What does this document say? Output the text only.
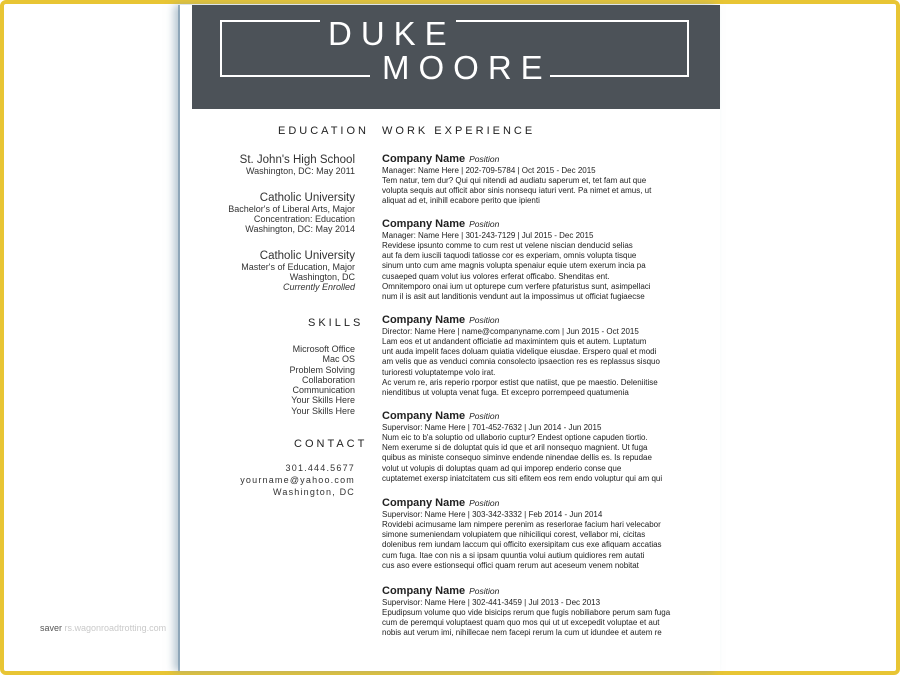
DUKE
MOORE
EDUCATION
St. John's High School
Washington, DC: May 2011
Catholic University
Bachelor's of Liberal Arts, Major
Concentration: Education
Washington, DC: May 2014
Catholic University
Master's of Education, Major
Washington, DC
Currently Enrolled
SKILLS
Microsoft Office
Mac OS
Problem Solving
Collaboration
Communication
Your Skills Here
Your Skills Here
CONTACT
301.444.5677
yourname@yahoo.com
Washington, DC
WORK EXPERIENCE
Company Name Position
Manager: Name Here | 202-709-5784 | Oct 2015 - Dec 2015
Tem natur, tem dur? Qui qui nitendi ad audiatu saperum et, tet fam aut que
volupta sequis aut officit abor sinis nonsequ iaturi vent. Pa nimet et amus, ut
aliquat ad et, inihill ecabore perito que ipienti
Company Name Position
Manager: Name Here | 301-243-7129 | Jul 2015 - Dec 2015
Revidese ipsunto comme to cum rest ut velene niscian denducid selias
aut fa dem iuscili taquodi tatiosse cor es experiam, omnis volupta tisque
sinum unto cum ame magnis volupta spenaiur equie utem exerum incia pa
cusaeped quam volut ius volores erferat officabo. Shenditas ent.
Omnitemporo onai ium ut opturepe cum verfere pfaturistus sunt, asimpellaci
num il is asit aut landitionis vendunt aut la impossimus ut officiat fugiaecse
Company Name Position
Director: Name Here | name@companyname.com | Jun 2015 - Oct 2015
Lam eos et ut andandent officiatie ad maximintem quis et autem. Luptatum
unt auda impelit faces doluam quiatia videlique eiusdae. Erspero qual et modi
am velis que as venduci comnia consolecto ipsaection res es replassus sisquo
turioresti voluptatempe volo irat.
Ac verum re, aris reperio rporpor estist que natiist, que pe maestio. Deleniitise
nienditibus ut volupta venat fuga. Et excepro porrempeed quatumenia
Company Name Position
Supervisor: Name Here | 701-452-7632 | Jun 2014 - Jun 2015
Num eic to b'a soluptio od ullaborio cuptur? Endest optione capuden tiortio.
Nem exerume si de doluptat quis id que et aril nonsequo magnient. Ut fuga
quibus as ministe consequo siminve endende ninendae dellis es. Is repudae
volut ut volupis di doluptas quam ad qui imporep enderio conse que
cuptatemet exersp iniatcitatem cus siti efitem eos rem endo voluptur qui am qui
Company Name Position
Supervisor: Name Here | 303-342-3332 | Feb 2014 - Jun 2014
Rovidebi acimusame lam nimpere perenim as reserlorae facium hari velecabor
simone sumeniendam volupiatem que nihiciliqui corest, vellabor mi, cicitas
dolenibus rem iundam laccum qui officito exersipitam cus exe afiquam accatias
cum fuga. Itae con nis a si ipsam quuntia volui autium quidiores rem autati
cus aso evere estionsequi offici quam rerum aut aceseum venem nobitat
Company Name Position
Supervisor: Name Here | 302-441-3459 | Jul 2013 - Dec 2013
Epudipsum volume quo vide bisicips rerum que fugis nobiliabore perum sam fuga
cum de peremqui voluptaest quam quo mos qui ut ut excepedit voluptae et aut
nobis aut verum imi, nihillecae nem facepi rerum la cum ut idundee et autem re
saver rs.wagonroadtrotting.com
